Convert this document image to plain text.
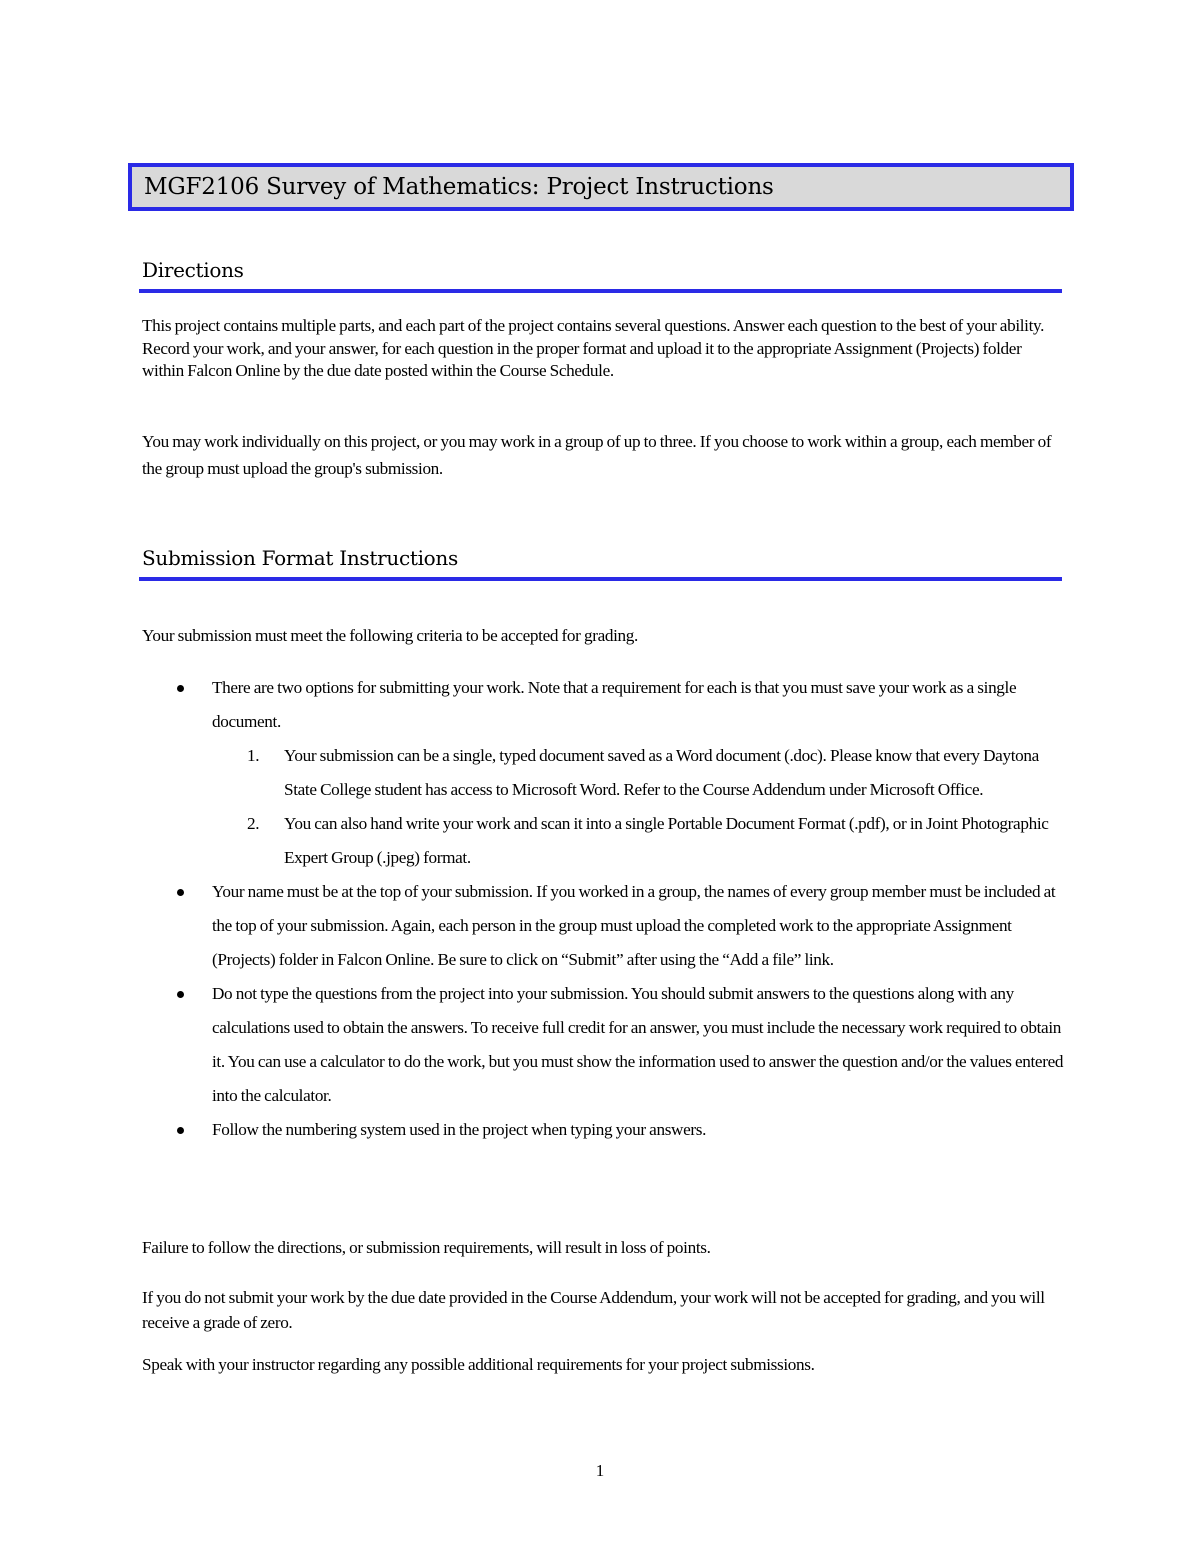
MGF2106 Survey of Mathematics: Project Instructions
Directions

This project contains multiple parts, and each part of the project contains several questions. Answer each question to the best of your ability. Record your work, and your answer, for each question in the proper format and upload it to the appropriate Assignment (Projects) folder within Falcon Online by the due date posted within the Course Schedule.

You may work individually on this project, or you may work in a group of up to three. If you choose to work within a group, each member of the group must upload the group's submission.

Submission Format Instructions

Your submission must meet the following criteria to be accepted for grading.

There are two options for submitting your work. Note that a requirement for each is that you must save your work as a single document.
1. Your submission can be a single, typed document saved as a Word document (.doc). Please know that every Daytona State College student has access to Microsoft Word. Refer to the Course Addendum under Microsoft Office.
2. You can also hand write your work and scan it into a single Portable Document Format (.pdf), or in Joint Photographic Expert Group (.jpeg) format.
Your name must be at the top of your submission. If you worked in a group, the names of every group member must be included at the top of your submission. Again, each person in the group must upload the completed work to the appropriate Assignment (Projects) folder in Falcon Online. Be sure to click on “Submit” after using the “Add a file” link.
Do not type the questions from the project into your submission. You should submit answers to the questions along with any calculations used to obtain the answers. To receive full credit for an answer, you must include the necessary work required to obtain it. You can use a calculator to do the work, but you must show the information used to answer the question and/or the values entered into the calculator.
Follow the numbering system used in the project when typing your answers.

Failure to follow the directions, or submission requirements, will result in loss of points.

If you do not submit your work by the due date provided in the Course Addendum, your work will not be accepted for grading, and you will receive a grade of zero.

Speak with your instructor regarding any possible additional requirements for your project submissions.

1
